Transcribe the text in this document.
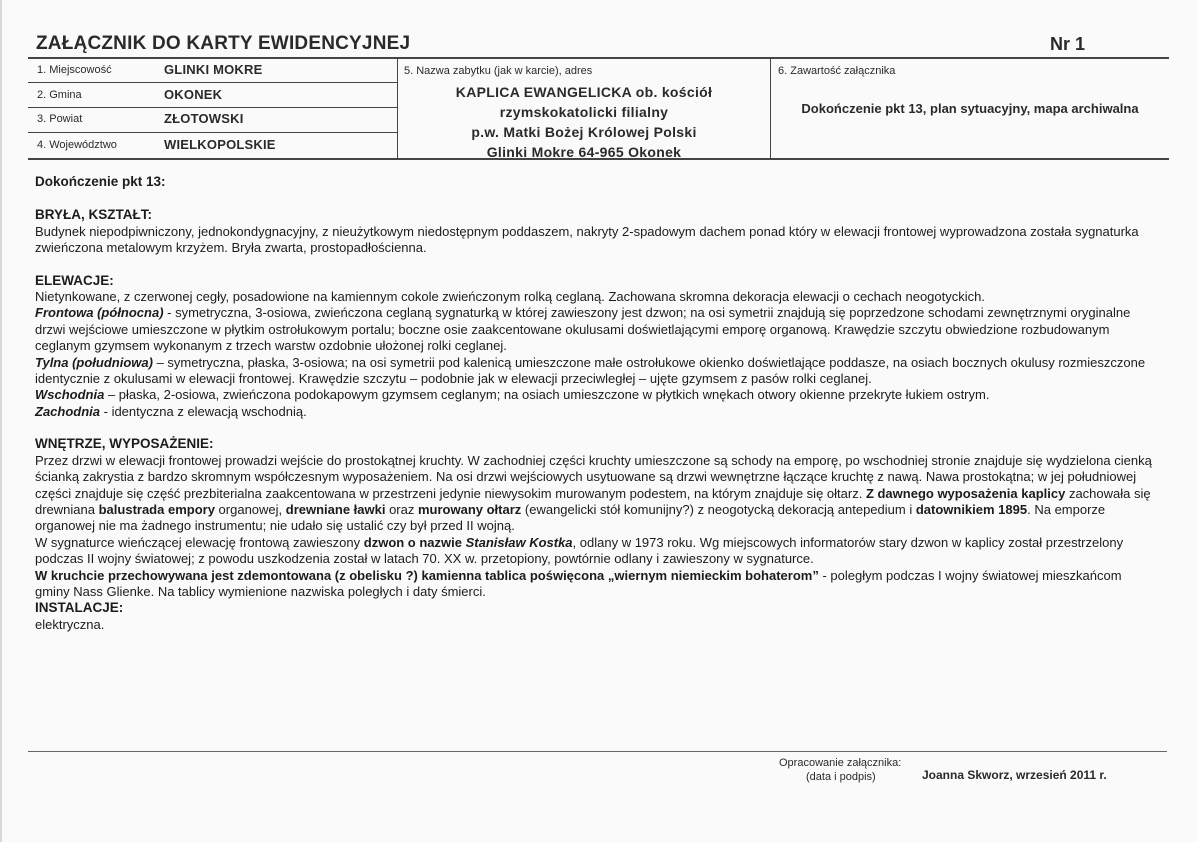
ZAŁĄCZNIK DO KARTY EWIDENCYJNEJ	Nr 1
1. Miejscowość	GLINKI MOKRE
2. Gmina	OKONEK
3. Powiat	ZŁOTOWSKI
4. Województwo	WIELKOPOLSKIE
5. Nazwa zabytku (jak w karcie), adres
KAPLICA EWANGELICKA ob. kościół
rzymskokatolicki filialny
p.w. Matki Bożej Królowej Polski
Glinki Mokre 64-965 Okonek
6. Zawartość załącznika
Dokończenie pkt 13, plan sytuacyjny, mapa archiwalna

Dokończenie pkt 13:

BRYŁA, KSZTAŁT:

Budynek niepodpiwniczony, jednokondygnacyjny, z nieużytkowym niedostępnym poddaszem, nakryty 2-spadowym dachem ponad który w elewacji frontowej wyprowadzona została sygnaturka zwieńczona metalowym krzyżem. Bryła zwarta, prostopadłościenna.

ELEWACJE:

Nietynkowane, z czerwonej cegły, posadowione na kamiennym cokole zwieńczonym rolką ceglaną. Zachowana skromna dekoracja elewacji o cechach neogotyckich.

Frontowa (północna) - symetryczna, 3-osiowa, zwieńczona ceglaną sygnaturką w której zawieszony jest dzwon; na osi symetrii znajdują się poprzedzone schodami zewnętrznymi oryginalne drzwi wejściowe umieszczone w płytkim ostrołukowym portalu; boczne osie zaakcentowane okulusami doświetlającymi emporę organową. Krawędzie szczytu obwiedzione rozbudowanym ceglanym gzymsem wykonanym z trzech warstw ozdobnie ułożonej rolki ceglanej.

Tylna (południowa) – symetryczna, płaska, 3-osiowa; na osi symetrii pod kalenicą umieszczone małe ostrołukowe okienko doświetlające poddasze, na osiach bocznych okulusy rozmieszczone identycznie z okulusami w elewacji frontowej. Krawędzie szczytu – podobnie jak w elewacji przeciwległej – ujęte gzymsem z pasów rolki ceglanej.

Wschodnia – płaska, 2-osiowa, zwieńczona podokapowym gzymsem ceglanym; na osiach umieszczone w płytkich wnękach otwory okienne przekryte łukiem ostrym.

Zachodnia - identyczna z elewacją wschodnią.

WNĘTRZE, WYPOSAŻENIE:

Przez drzwi w elewacji frontowej prowadzi wejście do prostokątnej kruchty. W zachodniej części kruchty umieszczone są schody na emporę, po wschodniej stronie znajduje się wydzielona cienką ścianką zakrystia z bardzo skromnym współczesnym wyposażeniem. Na osi drzwi wejściowych usytuowane są drzwi wewnętrzne łączące kruchtę z nawą. Nawa prostokątna; w jej południowej części znajduje się część prezbiterialna zaakcentowana w przestrzeni jedynie niewysokim murowanym podestem, na którym znajduje się ołtarz. Z dawnego wyposażenia kaplicy zachowała się drewniana balustrada empory organowej, drewniane ławki oraz murowany ołtarz (ewangelicki stół komunijny?) z neogotycką dekoracją antepedium i datownikiem 1895. Na emporze organowej nie ma żadnego instrumentu; nie udało się ustalić czy był przed II wojną.

W sygnaturce wieńczącej elewację frontową zawieszony dzwon o nazwie Stanisław Kostka, odlany w 1973 roku. Wg miejscowych informatorów stary dzwon w kaplicy został przestrzelony podczas II wojny światowej; z powodu uszkodzenia został w latach 70. XX w. przetopiony, powtórnie odlany i zawieszony w sygnaturce.

W kruchcie przechowywana jest zdemontowana (z obelisku ?) kamienna tablica poświęcona „wiernym niemieckim bohaterom” - poległym podczas I wojny światowej mieszkańcom gminy Nass Glienke. Na tablicy wymienione nazwiska poległych i daty śmierci.

INSTALACJE:

elektryczna.

Opracowanie załącznika:
(data i podpis)	Joanna Skworz, wrzesień 2011 r.
